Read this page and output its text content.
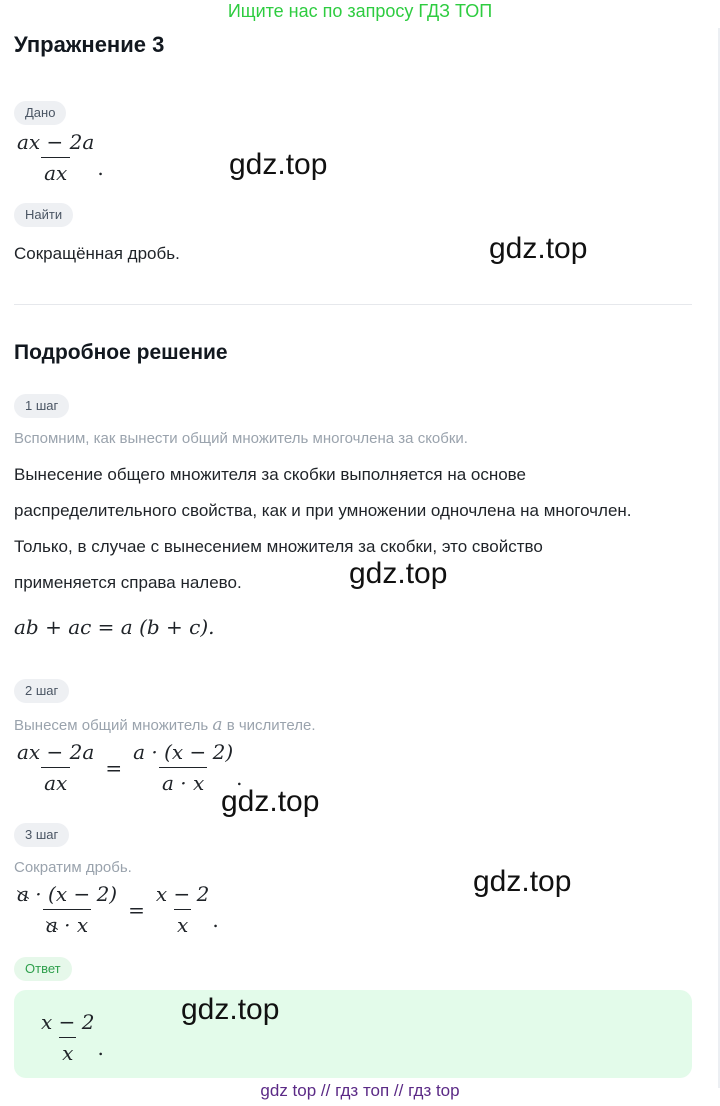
Ищите нас по запросу ГДЗ ТОП
Упражнение 3
Дано
$\frac{ax - 2a}{ax}$ .
Найти
Сокращённая дробь.
Подробное решение
1 шаг
Вспомним, как вынести общий множитель многочлена за скобки.
Вынесение общего множителя за скобки выполняется на основе
распределительного свойства, как и при умножении одночлена на многочлен.
Только, в случае с вынесением множителя за скобки, это свойство
применяется справа налево.
ab + ac = a (b + c).
2 шаг
Вынесем общий множитель a в числителе.
$\frac{ax - 2a}{ax} = \frac{a \cdot (x - 2)}{a \cdot x}$ .
3 шаг
Сократим дробь.
$\frac{a \cdot (x - 2)}{a \cdot x} = \frac{x - 2}{x}$ .
Ответ
$\frac{x - 2}{x}$ .
gdz.top
gdz.top
gdz.top
gdz.top
gdz.top
gdz.top
gdz top // гдз топ // гдз top
